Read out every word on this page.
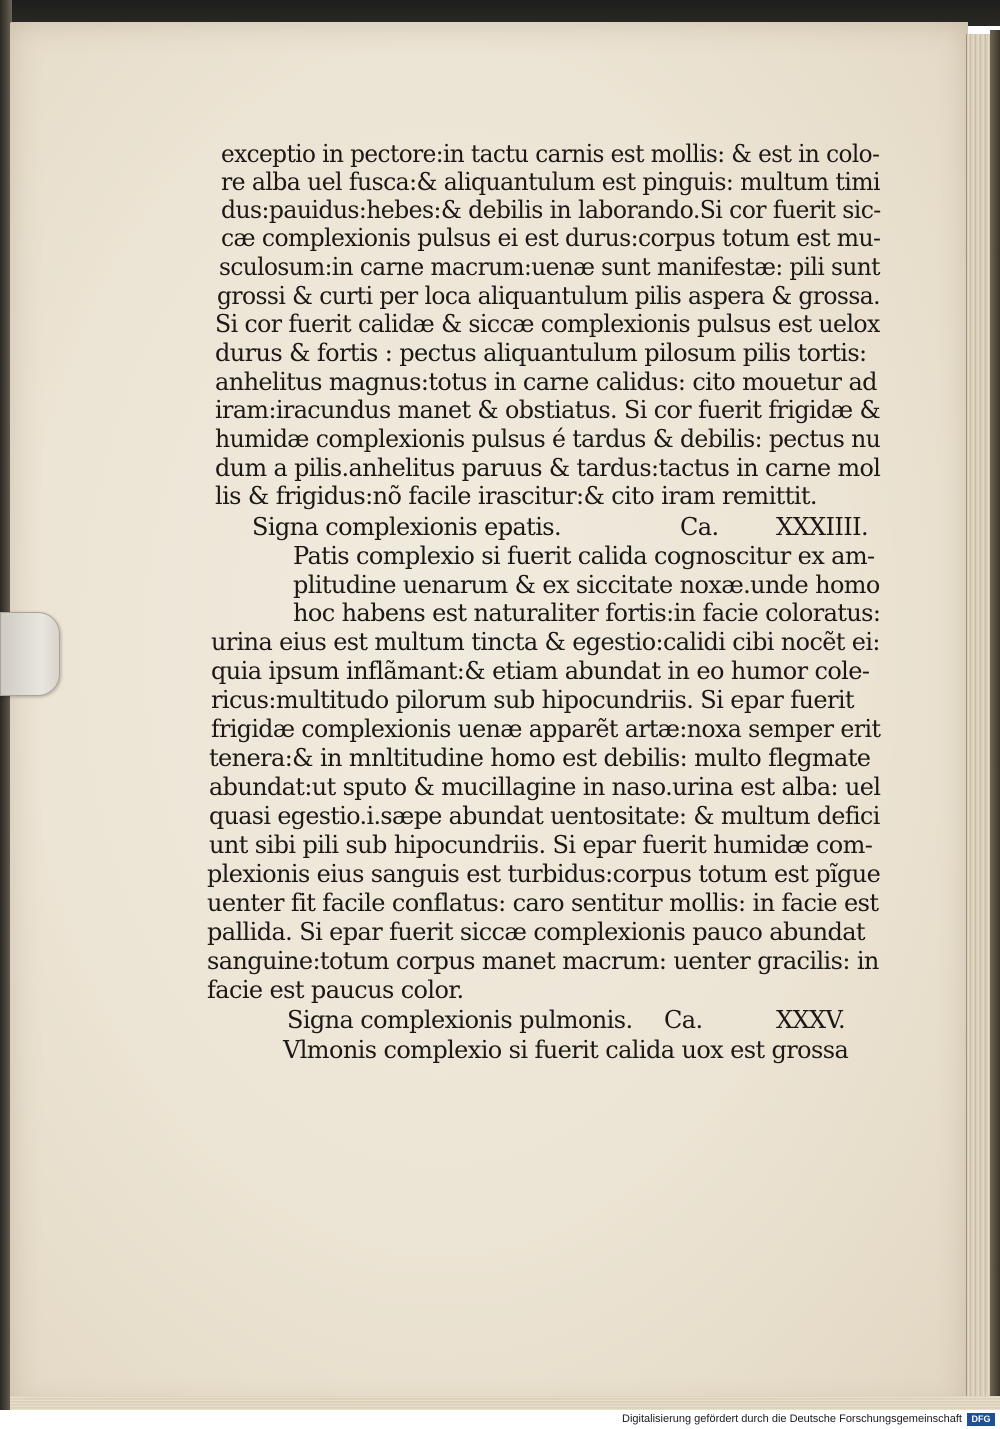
exceptio in pectore:in tactu carnis est mollis: & est in colo-
re alba uel fusca:& aliquantulum est pinguis: multum timi
dus:pauidus:hebes:& debilis in laborando.Si cor fuerit sic-
cæ complexionis pulsus ei est durus:corpus totum est mu-
sculosum:in carne macrum:uenæ sunt manifestæ: pili sunt
grossi & curti per loca aliquantulum pilis aspera & grossa.
Si cor fuerit calidæ & siccæ complexionis pulsus est uelox
durus & fortis : pectus aliquantulum pilosum pilis tortis:
anhelitus magnus:totus in carne calidus: cito mouetur ad
iram:iracundus manet & obstiatus. Si cor fuerit frigidæ &
humidæ complexionis pulsus é tardus & debilis: pectus nu
dum a pilis.anhelitus paruus & tardus:tactus in carne mol
lis & frigidus:nõ facile irascitur:& cito iram remittit.
Signa complexionis epatis.	Ca. XXXIIII.
Patis complexio si fuerit calida cognoscitur ex am-
plitudine uenarum & ex siccitate noxæ.unde homo
hoc habens est naturaliter fortis:in facie coloratus:
urina eius est multum tincta & egestio:calidi cibi nocẽt ei:
quia ipsum inflãmant:& etiam abundat in eo humor cole-
ricus:multitudo pilorum sub hipocundriis. Si epar fuerit
frigidæ complexionis uenæ apparẽt artæ:noxa semper erit
tenera:& in mnltitudine homo est debilis: multo flegmate
abundat:ut sputo & mucillagine in naso.urina est alba: uel
quasi egestio.i.sæpe abundat uentositate: & multum defici
unt sibi pili sub hipocundriis. Si epar fuerit humidæ com-
plexionis eius sanguis est turbidus:corpus totum est pĩgue
uenter fit facile conflatus: caro sentitur mollis: in facie est
pallida. Si epar fuerit siccæ complexionis pauco abundat
sanguine:totum corpus manet macrum: uenter gracilis: in
facie est paucus color.
Signa complexionis pulmonis. Ca.	XXXV.
Vlmonis complexio si fuerit calida uox est grossa
Digitalisierung gefördert durch die Deutsche Forschungsgemeinschaft	DFG
